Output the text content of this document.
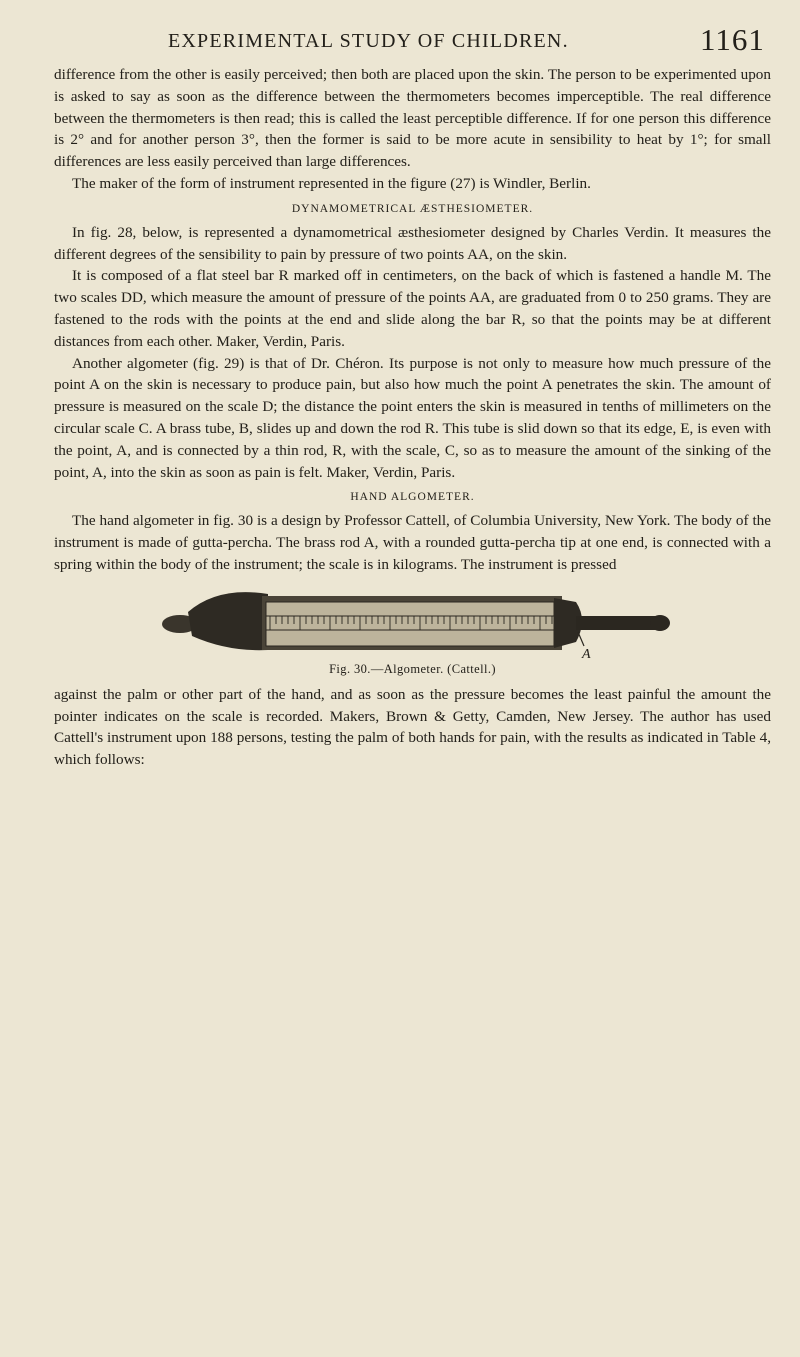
EXPERIMENTAL STUDY OF CHILDREN.	1161

difference from the other is easily perceived; then both are placed upon the skin. The person to be experimented upon is asked to say as soon as the difference between the thermometers becomes imperceptible. The real difference between the thermometers is then read; this is called the least perceptible difference. If for one person this difference is 2° and for another person 3°, then the former is said to be more acute in sensibility to heat by 1°; for small differences are less easily perceived than large differences.

The maker of the form of instrument represented in the figure (27) is Windler, Berlin.

DYNAMOMETRICAL ÆSTHESIOMETER.

In fig. 28, below, is represented a dynamometrical æsthesiometer designed by Charles Verdin. It measures the different degrees of the sensibility to pain by pressure of two points AA, on the skin.

It is composed of a flat steel bar R marked off in centimeters, on the back of which is fastened a handle M. The two scales DD, which measure the amount of pressure of the points AA, are graduated from 0 to 250 grams. They are fastened to the rods with the points at the end and slide along the bar R, so that the points may be at different distances from each other. Maker, Verdin, Paris.

Another algometer (fig. 29) is that of Dr. Chéron. Its purpose is not only to measure how much pressure of the point A on the skin is necessary to produce pain, but also how much the point A penetrates the skin. The amount of pressure is measured on the scale D; the distance the point enters the skin is measured in tenths of millimeters on the circular scale C. A brass tube, B, slides up and down the rod R. This tube is slid down so that its edge, E, is even with the point, A, and is connected by a thin rod, R, with the scale, C, so as to measure the amount of the sinking of the point, A, into the skin as soon as pain is felt. Maker, Verdin, Paris.

HAND ALGOMETER.

The hand algometer in fig. 30 is a design by Professor Cattell, of Columbia University, New York. The body of the instrument is made of gutta-percha. The brass rod A, with a rounded gutta-percha tip at one end, is connected with a spring within the body of the instrument; the scale is in kilograms. The instrument is pressed

A
Fig. 30.—Algometer. (Cattell.)

against the palm or other part of the hand, and as soon as the pressure becomes the least painful the amount the pointer indicates on the scale is recorded. Makers, Brown & Getty, Camden, New Jersey. The author has used Cattell's instrument upon 188 persons, testing the palm of both hands for pain, with the results as indicated in Table 4, which follows:
